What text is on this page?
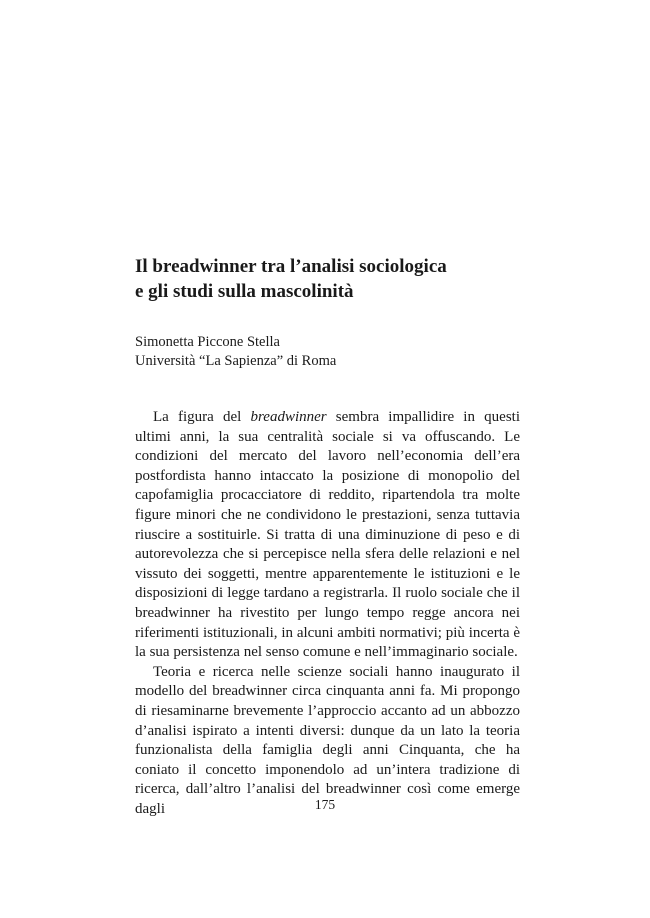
Il breadwinner tra l’analisi sociologica
e gli studi sulla mascolinità
Simonetta Piccone Stella
Università “La Sapienza” di Roma

La figura del breadwinner sembra impallidire in questi ultimi anni, la sua centralità sociale si va offuscando. Le condizioni del mercato del lavoro nell’economia dell’era postfordista hanno intaccato la posizione di monopolio del capofamiglia procacciatore di reddito, ripartendola tra molte figure minori che ne condividono le prestazioni, senza tuttavia riuscire a sostituirle. Si tratta di una diminuzione di peso e di autorevolezza che si percepisce nella sfera delle relazioni e nel vissuto dei soggetti, mentre apparentemente le istituzioni e le disposizioni di legge tardano a registrarla. Il ruolo sociale che il breadwinner ha rivestito per lungo tempo regge ancora nei riferimenti istituzionali, in alcuni ambiti normativi; più incerta è la sua persistenza nel senso comune e nell’immaginario sociale.

Teoria e ricerca nelle scienze sociali hanno inaugurato il modello del breadwinner circa cinquanta anni fa. Mi propongo di riesaminarne brevemente l’approccio accanto ad un abbozzo d’analisi ispirato a intenti diversi: dunque da un lato la teoria funzionalista della famiglia degli anni Cinquanta, che ha coniato il concetto imponendolo ad un’intera tradizione di ricerca, dall’altro l’analisi del breadwinner così come emerge dagli	175
